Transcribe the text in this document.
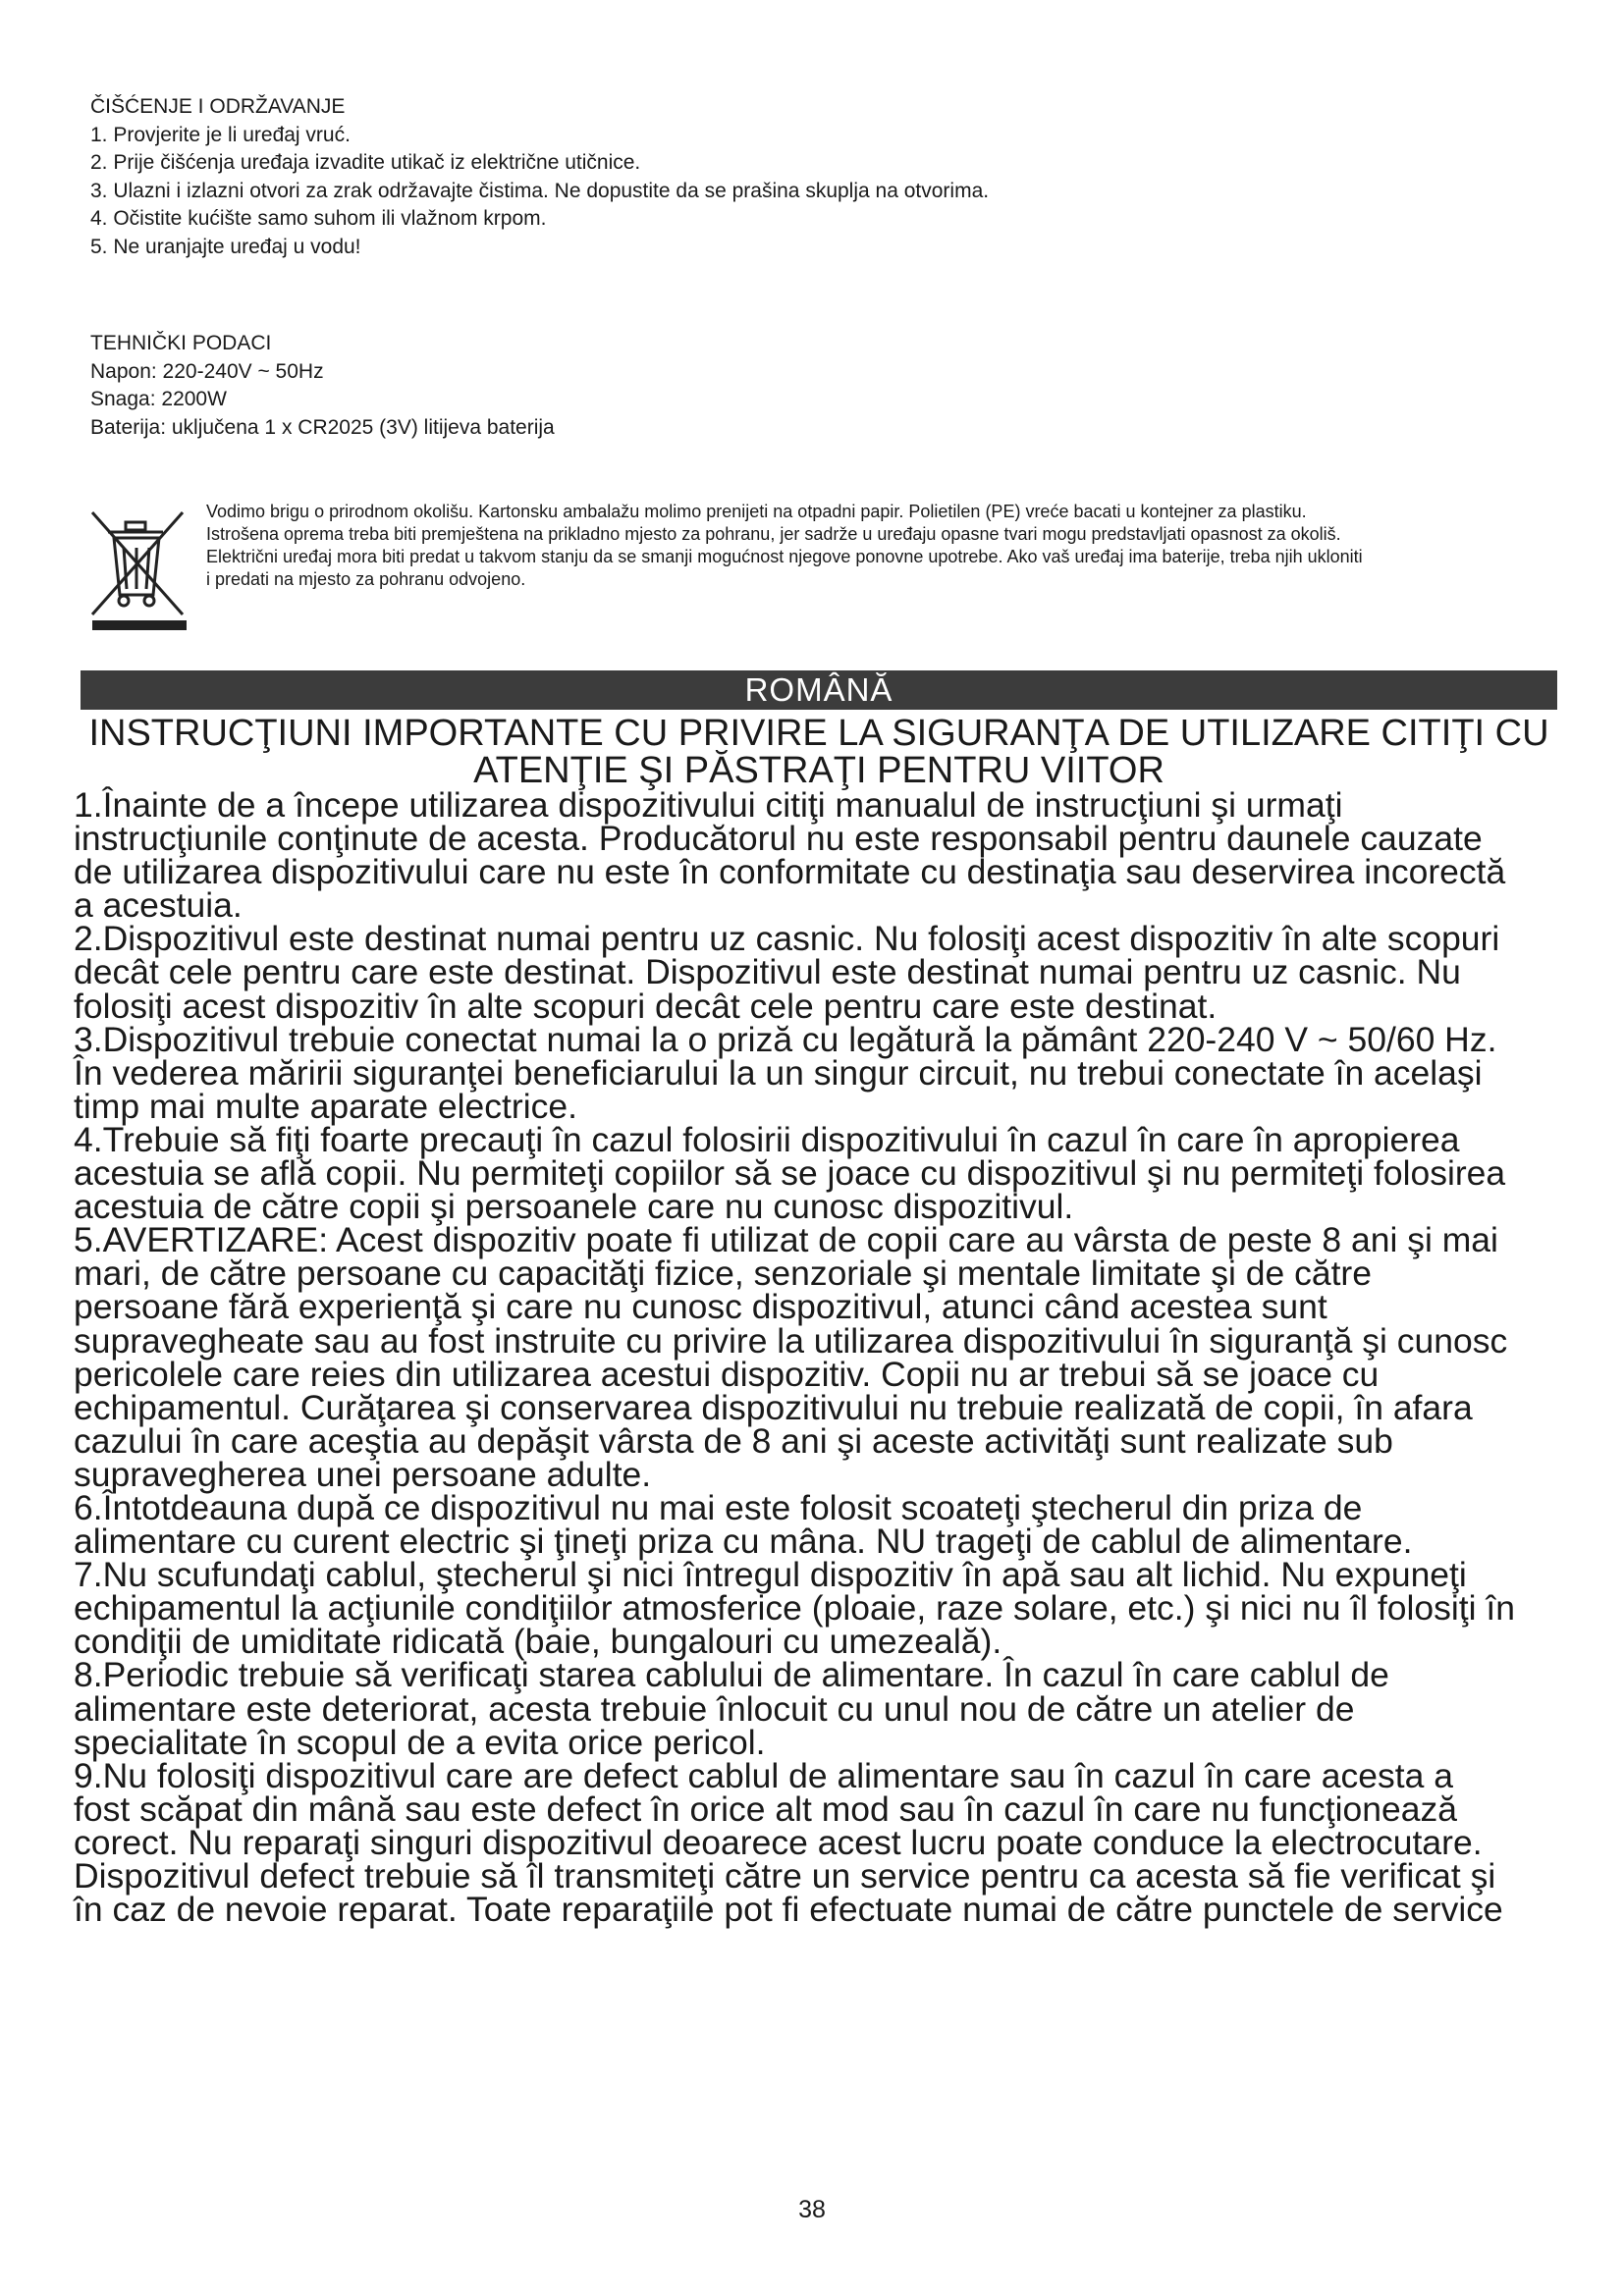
ČIŠĆENJE I ODRŽAVANJE

1. Provjerite je li uređaj vruć.

2. Prije čišćenja uređaja izvadite utikač iz električne utičnice.

3. Ulazni i izlazni otvori za zrak održavajte čistima. Ne dopustite da se prašina skuplja na otvorima.

4. Očistite kućište samo suhom ili vlažnom krpom.

5. Ne uranjajte uređaj u vodu!

TEHNIČKI PODACI

Napon: 220-240V ~ 50Hz

Snaga: 2200W

Baterija: uključena 1 x CR2025 (3V) litijeva baterija

Vodimo brigu o prirodnom okolišu. Kartonsku ambalažu molimo prenijeti na otpadni papir. Polietilen (PE) vreće bacati u kontejner za plastiku.

Istrošena oprema treba biti premještena na prikladno mjesto za pohranu, jer sadrže u uređaju opasne tvari mogu predstavljati opasnost za okoliš.

Električni uređaj mora biti predat u takvom stanju da se smanji mogućnost njegove ponovne upotrebe. Ako vaš uređaj ima baterije, treba njih ukloniti

i predati na mjesto za pohranu odvojeno.

ROMÂNĂ
INSTRUCŢIUNI IMPORTANTE CU PRIVIRE LA SIGURANŢA DE UTILIZARE CITIŢI CU
ATENŢIE ŞI PĂSTRAŢI PENTRU VIITOR

1.Înainte de a începe utilizarea dispozitivului citiţi manualul de instrucţiuni şi urmaţi

instrucţiunile conţinute de acesta. Producătorul nu este responsabil pentru daunele cauzate

de utilizarea dispozitivului care nu este în conformitate cu destinaţia sau deservirea incorectă

a acestuia.

2.Dispozitivul este destinat numai pentru uz casnic. Nu folosiţi acest dispozitiv în alte scopuri

decât cele pentru care este destinat. Dispozitivul este destinat numai pentru uz casnic. Nu

folosiţi acest dispozitiv în alte scopuri decât cele pentru care este destinat.

3.Dispozitivul trebuie conectat numai la o priză cu legătură la pământ 220-240 V ~ 50/60 Hz.

În vederea măririi siguranţei beneficiarului la un singur circuit, nu trebui conectate în acelaşi

timp mai multe aparate electrice.

4.Trebuie să fiţi foarte precauţi în cazul folosirii dispozitivului în cazul în care în apropierea

acestuia se află copii. Nu permiteţi copiilor să se joace cu dispozitivul şi nu permiteţi folosirea

acestuia de către copii şi persoanele care nu cunosc dispozitivul.

5.AVERTIZARE: Acest dispozitiv poate fi utilizat de copii care au vârsta de peste 8 ani şi mai

mari, de către persoane cu capacităţi fizice, senzoriale şi mentale limitate şi de către

persoane fără experienţă şi care nu cunosc dispozitivul, atunci când acestea sunt

supravegheate sau au fost instruite cu privire la utilizarea dispozitivului în siguranţă şi cunosc

pericolele care reies din utilizarea acestui dispozitiv. Copii nu ar trebui să se joace cu

echipamentul. Curăţarea şi conservarea dispozitivului nu trebuie realizată de copii, în afara

cazului în care aceştia au depăşit vârsta de 8 ani şi aceste activităţi sunt realizate sub

supravegherea unei persoane adulte.

6.Întotdeauna după ce dispozitivul nu mai este folosit scoateţi ştecherul din priza de

alimentare cu curent electric şi ţineţi priza cu mâna. NU trageţi de cablul de alimentare.

7.Nu scufundaţi cablul, ştecherul şi nici întregul dispozitiv în apă sau alt lichid. Nu expuneţi

echipamentul la acţiunile condiţiilor atmosferice (ploaie, raze solare, etc.) şi nici nu îl folosiţi în

condiţii de umiditate ridicată (baie, bungalouri cu umezeală).

8.Periodic trebuie să verificaţi starea cablului de alimentare. În cazul în care cablul de

alimentare este deteriorat, acesta trebuie înlocuit cu unul nou de către un atelier de

specialitate în scopul de a evita orice pericol.

9.Nu folosiţi dispozitivul care are defect cablul de alimentare sau în cazul în care acesta a

fost scăpat din mână sau este defect în orice alt mod sau în cazul în care nu funcţionează

corect. Nu reparaţi singuri dispozitivul deoarece acest lucru poate conduce la electrocutare.

Dispozitivul defect trebuie să îl transmiteţi către un service pentru ca acesta să fie verificat şi

în caz de nevoie reparat. Toate reparaţiile pot fi efectuate numai de către punctele de service

38
